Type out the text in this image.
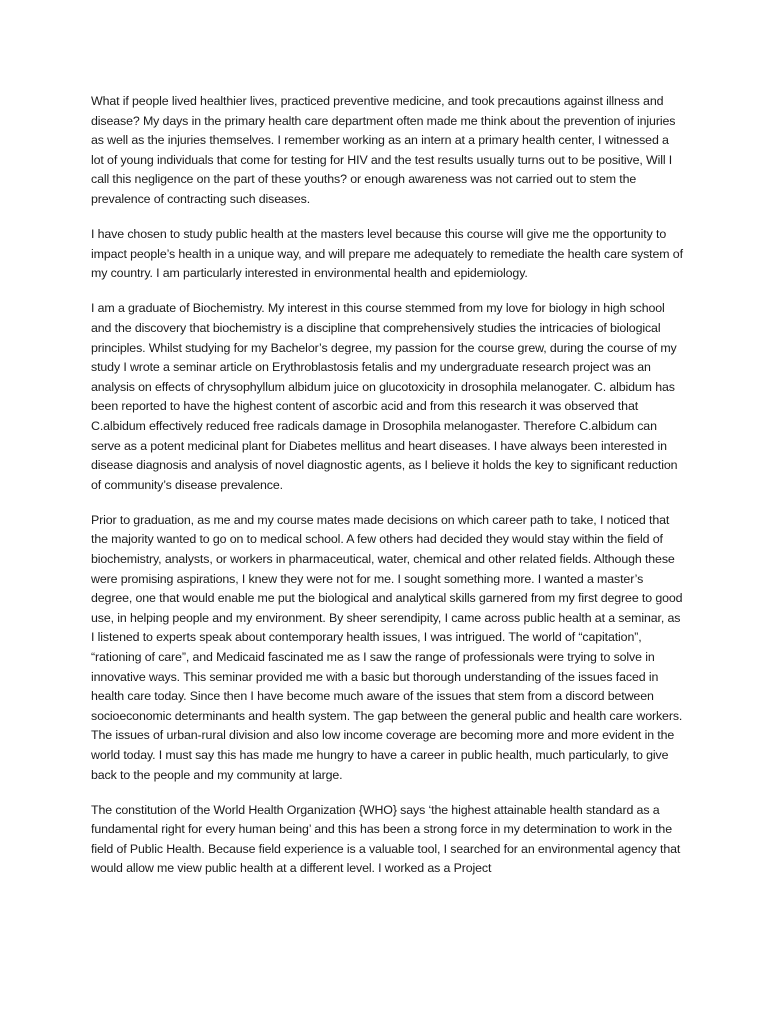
What if people lived healthier lives, practiced preventive medicine, and took precautions against illness and disease? My days in the primary health care department often made me think about the prevention of injuries as well as the injuries themselves. I remember working as an intern at a primary health center, I witnessed a lot of young individuals that come for testing for HIV and the test results usually turns out to be positive, Will I call this negligence on the part of these youths? or enough awareness was not carried out to stem the prevalence of contracting such diseases.

I have chosen to study public health at the masters level because this course will give me the opportunity to impact people’s health in a unique way, and will prepare me adequately to remediate the health care system of my country. I am particularly interested in environmental health and epidemiology.

I am a graduate of Biochemistry. My interest in this course stemmed from my love for biology in high school and the discovery that biochemistry is a discipline that comprehensively studies the intricacies of biological principles. Whilst studying for my Bachelor’s degree, my passion for the course grew, during the course of my study I wrote a seminar article on Erythroblastosis fetalis and my undergraduate research project was an analysis on effects of chrysophyllum albidum juice on glucotoxicity in drosophila melanogater. C. albidum has been reported to have the highest content of ascorbic acid and from this research it was observed that C.albidum effectively reduced free radicals damage in Drosophila melanogaster. Therefore C.albidum can serve as a potent medicinal plant for Diabetes mellitus and heart diseases. I have always been interested in disease diagnosis and analysis of novel diagnostic agents, as I believe it holds the key to significant reduction of community’s disease prevalence.

Prior to graduation, as me and my course mates made decisions on which career path to take, I noticed that the majority wanted to go on to medical school. A few others had decided they would stay within the field of biochemistry, analysts, or workers in pharmaceutical, water, chemical and other related fields. Although these were promising aspirations, I knew they were not for me. I sought something more. I wanted a master’s degree, one that would enable me put the biological and analytical skills garnered from my first degree to good use, in helping people and my environment. By sheer serendipity, I came across public health at a seminar, as I listened to experts speak about contemporary health issues, I was intrigued. The world of “capitation”, “rationing of care”, and Medicaid fascinated me as I saw the range of professionals were trying to solve in innovative ways. This seminar provided me with a basic but thorough understanding of the issues faced in health care today. Since then I have become much aware of the issues that stem from a discord between socioeconomic determinants and health system. The gap between the general public and health care workers. The issues of urban-rural division and also low income coverage are becoming more and more evident in the world today. I must say this has made me hungry to have a career in public health, much particularly, to give back to the people and my community at large.

The constitution of the World Health Organization {WHO} says ‘the highest attainable health standard as a fundamental right for every human being’ and this has been a strong force in my determination to work in the field of Public Health. Because field experience is a valuable tool, I searched for an environmental agency that would allow me view public health at a different level. I worked as a Project
